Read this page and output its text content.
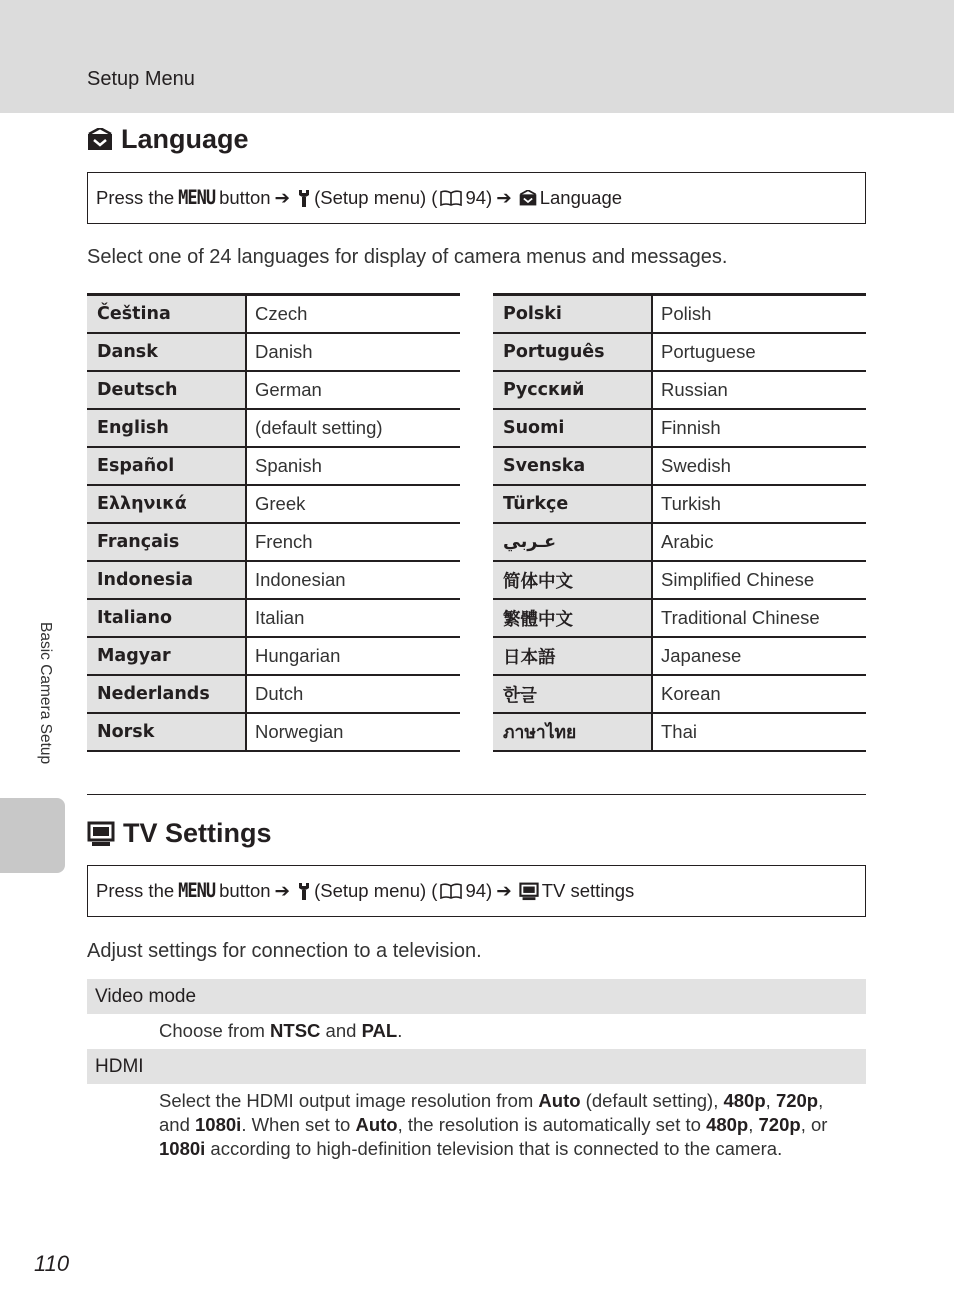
Setup Menu
Language
Press the MENU button ➔ (Setup menu) ( 94) ➔ Language
Select one of 24 languages for display of camera menus and messages.
Čeština	Czech
Dansk	Danish
Deutsch	German
English	(default setting)
Español	Spanish
Ελληνικά	Greek
Français	French
Indonesia	Indonesian
Italiano	Italian
Magyar	Hungarian
Nederlands	Dutch
Norsk	Norwegian
Polski	Polish
Português	Portuguese
Русский	Russian
Suomi	Finnish
Svenska	Swedish
Türkçe	Turkish
عـربي	Arabic
简体中文	Simplified Chinese
繁體中文	Traditional Chinese
日本語	Japanese
한글	Korean
ภาษาไทย	Thai
TV Settings
Press the MENU button ➔ (Setup menu) ( 94) ➔ TV settings
Adjust settings for connection to a television.
Video mode
Choose from NTSC and PAL.
HDMI
Select the HDMI output image resolution from Auto (default setting), 480p, 720p, and 1080i. When set to Auto, the resolution is automatically set to 480p, 720p, or 1080i according to high-definition television that is connected to the camera.
Basic Camera Setup
110
